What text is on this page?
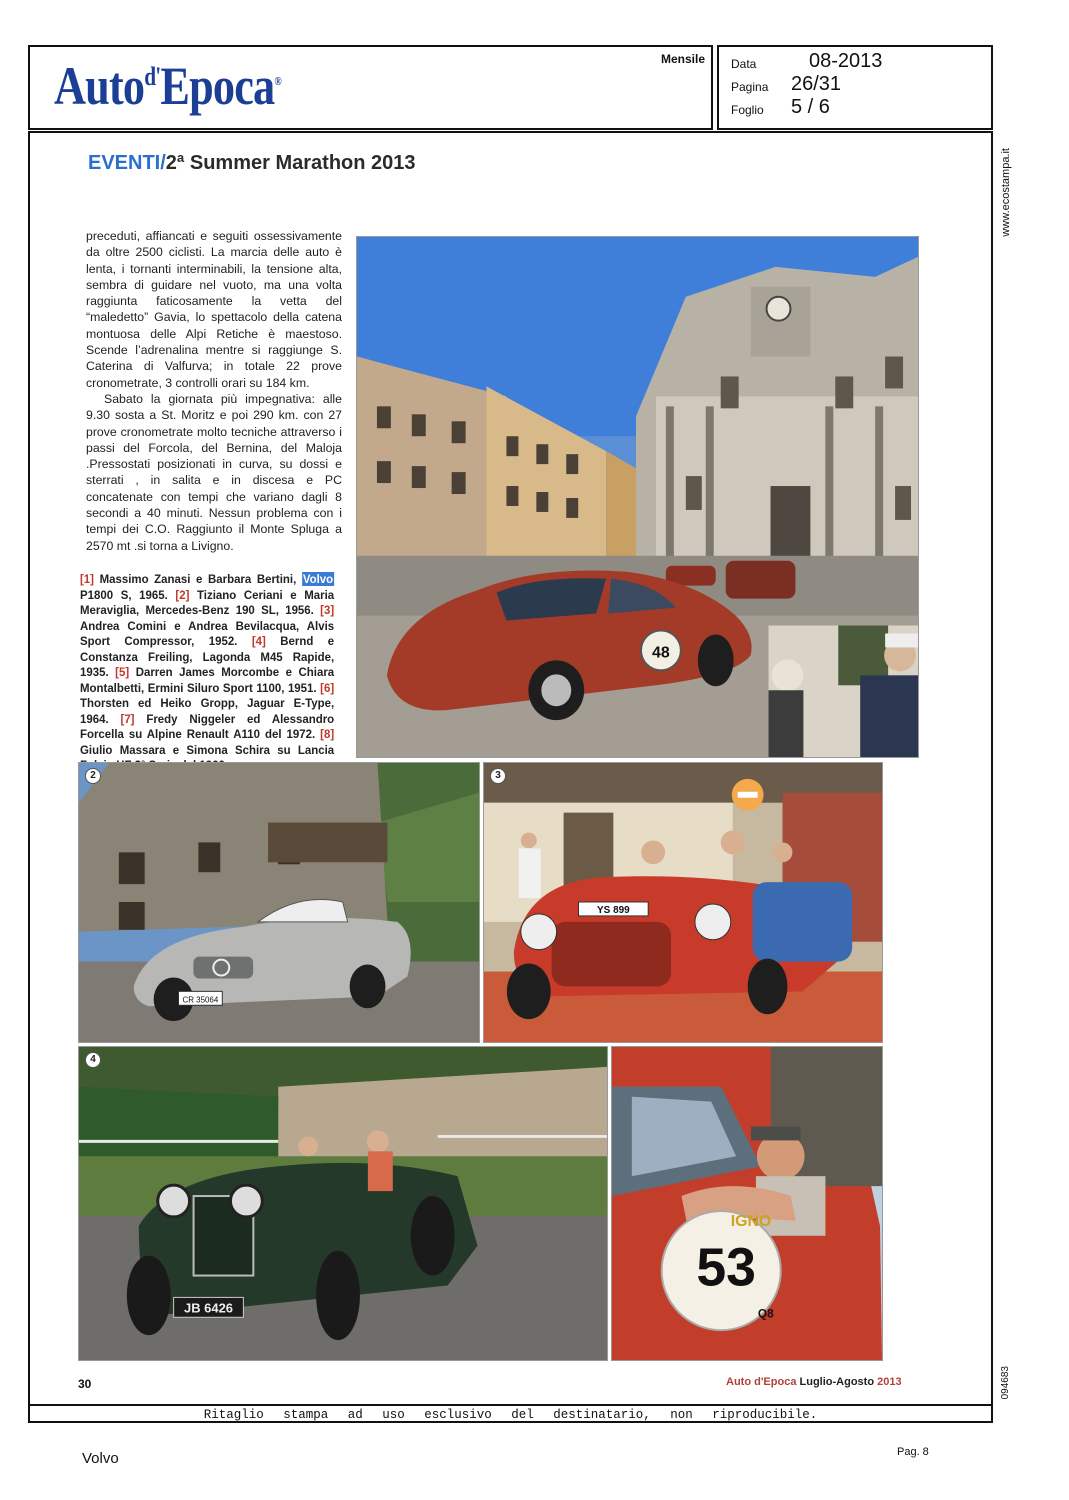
Auto$^{d'}$Epoca®
Mensile Data	08-2013
Pagina 26/31
Foglio 5 / 6
EVENTI/2ª Summer Marathon 2013

preceduti, affiancati e seguiti ossessivamente da oltre 2500 ciclisti. La marcia delle auto è lenta, i tornanti interminabili, la tensione alta, sembra di guidare nel vuoto, ma una volta raggiunta faticosamente la vetta del “maledetto” Gavia, lo spettacolo della catena montuosa delle Alpi Retiche è maestoso. Scende l’adrenalina mentre si raggiunge S. Caterina di Valfurva; in totale 22 prove cronometrate, 3 controlli orari su 184 km.

Sabato la giornata più impegnativa: alle 9.30 sosta a St. Moritz e poi 290 km. con 27 prove cronometrate molto tecniche attraverso i passi del Forcola, del Bernina, del Maloja .Pressostati posizionati in curva, su dossi e sterrati , in salita e in discesa e PC concatenate con tempi che variano dagli 8 secondi a 40 minuti. Nessun problema con i tempi dei C.O. Raggiunto il Monte Spluga a 2570 mt .si torna a Livigno.

[1] Massimo Zanasi e Barbara Bertini, Volvo P1800 S, 1965. [2] Tiziano Ceriani e Maria Meraviglia, Mercedes-Benz 190 SL, 1956. [3] Andrea Comini e Andrea Bevilacqua, Alvis Sport Compressor, 1952. [4] Bernd e Constanza Freiling, Lagonda M45 Rapide, 1935. [5] Darren James Morcombe e Chiara Montalbetti, Ermini Siluro Sport 1100, 1951. [6] Thorsten ed Heiko Gropp, Jaguar E-Type, 1964. [7] Fredy Niggeler ed Alessandro Forcella su Alpine Renault A110 del 1972. [8] Giulio Massara e Simona Schira su Lancia
48
CR 35064
2
YS 899
3
JB 6426
4
IGNO
53
Q8
30	Auto d'Epoca Luglio-Agosto 2013
Ritaglio stampa ad uso esclusivo del destinatario, non riproducibile.
www.ecostampa.it
094683
Volvo	Pag. 8
